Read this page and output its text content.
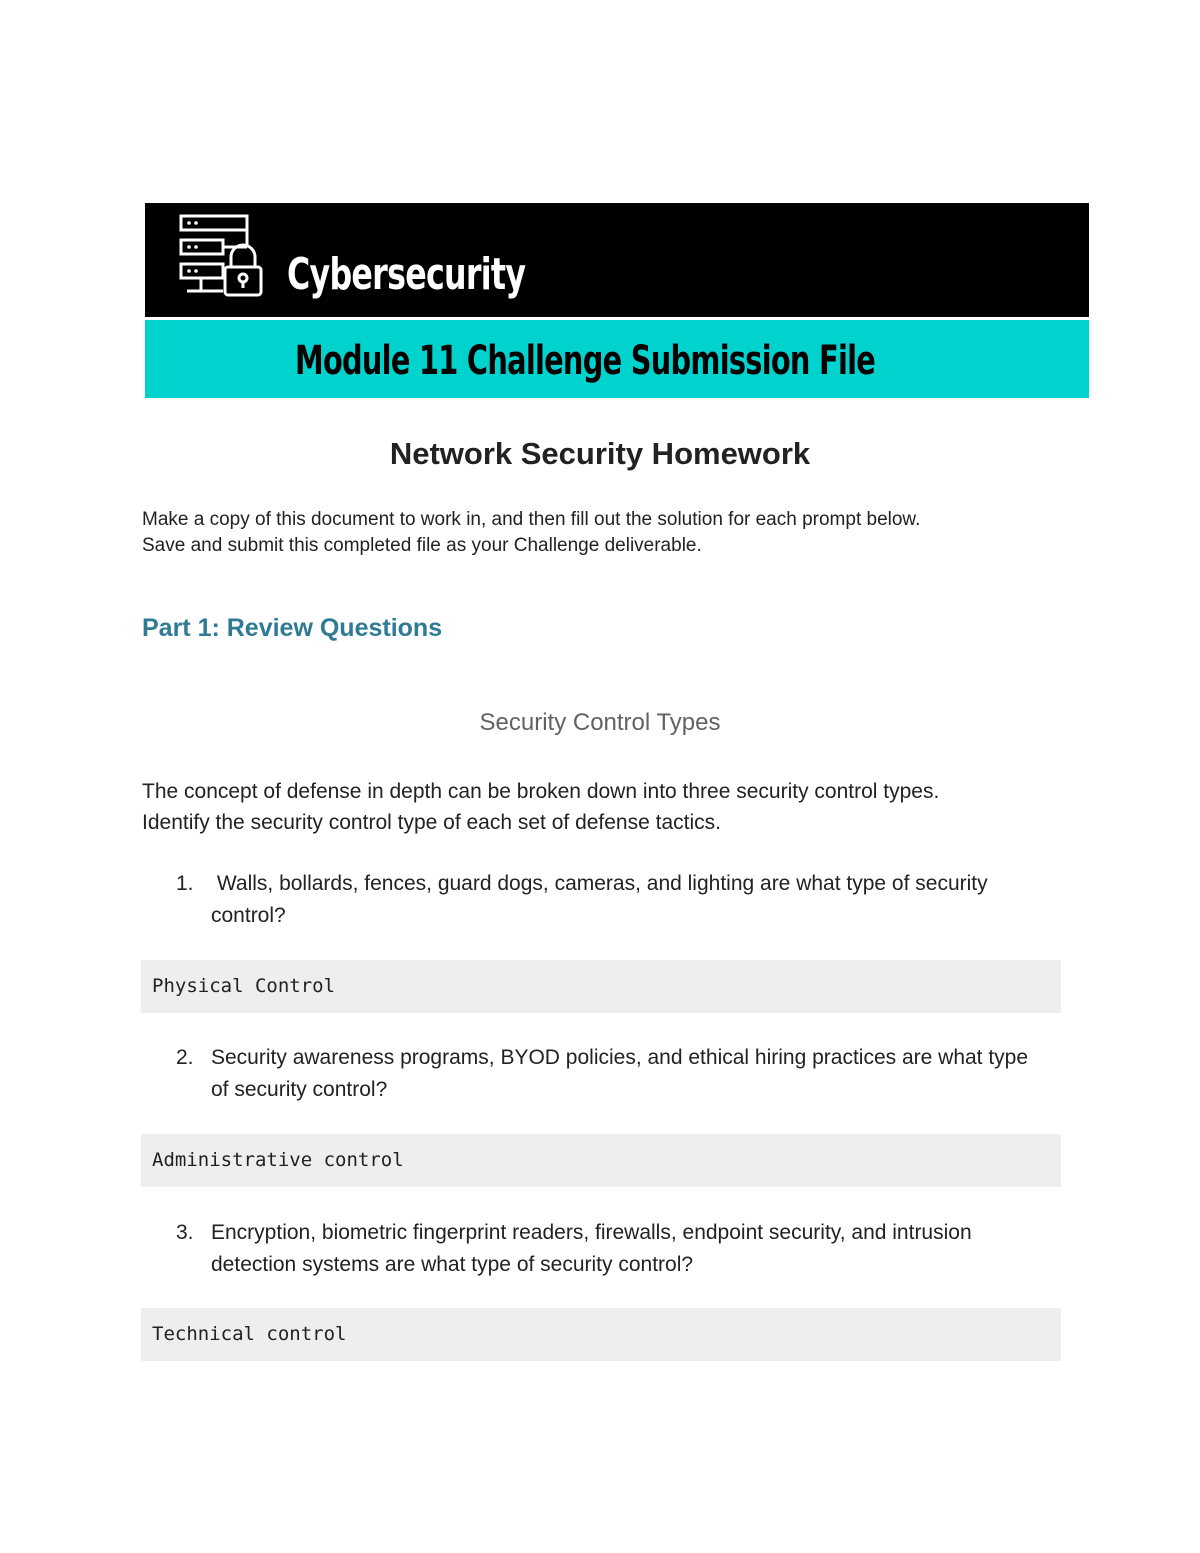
Cybersecurity
Module 11 Challenge Submission File
Network Security Homework

Make a copy of this document to work in, and then fill out the solution for each prompt below.

Save and submit this completed file as your Challenge deliverable.

Part 1: Review Questions
Security Control Types

The concept of defense in depth can be broken down into three security control types.

Identify the security control type of each set of defense tactics.

1. Walls, bollards, fences, guard dogs, cameras, and lighting are what type of security control?
Physical Control
2. Security awareness programs, BYOD policies, and ethical hiring practices are what type of security control?
Administrative control
3. Encryption, biometric fingerprint readers, firewalls, endpoint security, and intrusion detection systems are what type of security control?
Technical control
